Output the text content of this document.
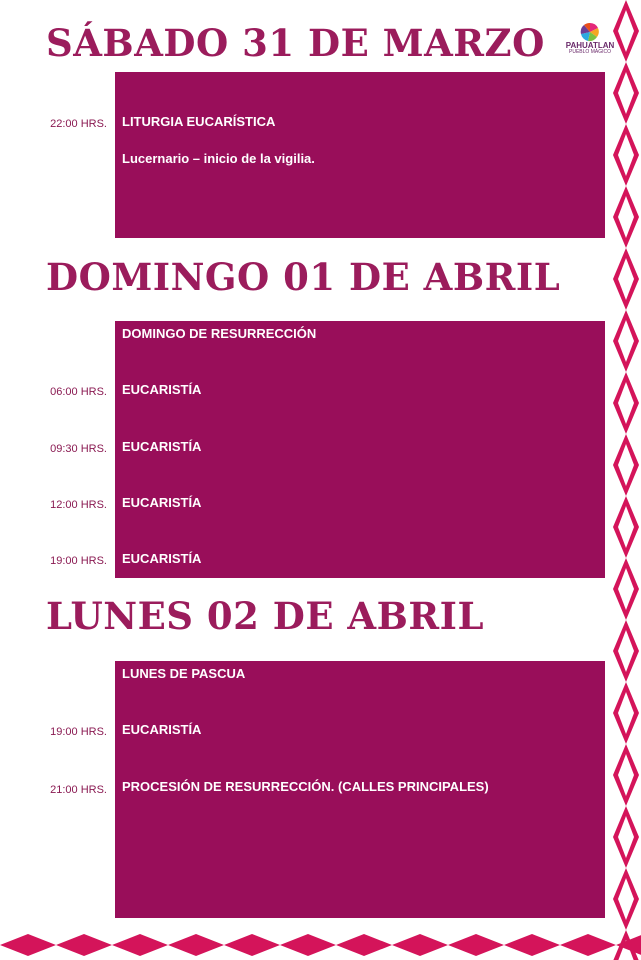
SÁBADO 31 DE MARZO
DOMINGO 01 DE ABRIL
LUNES 02 DE ABRIL
PAHUATLAN
PUEBLO MÁGICO
22:00 HRS. LITURGIA EUCARÍSTICA
Lucernario – inicio de la vigilia.
DOMINGO DE RESURRECCIÓN
06:00 HRS. EUCARISTÍA
09:30 HRS. EUCARISTÍA
12:00 HRS. EUCARISTÍA
19:00 HRS. EUCARISTÍA
LUNES DE PASCUA
19:00 HRS. EUCARISTÍA
21:00 HRS. PROCESIÓN DE RESURRECCIÓN. (CALLES PRINCIPALES)
